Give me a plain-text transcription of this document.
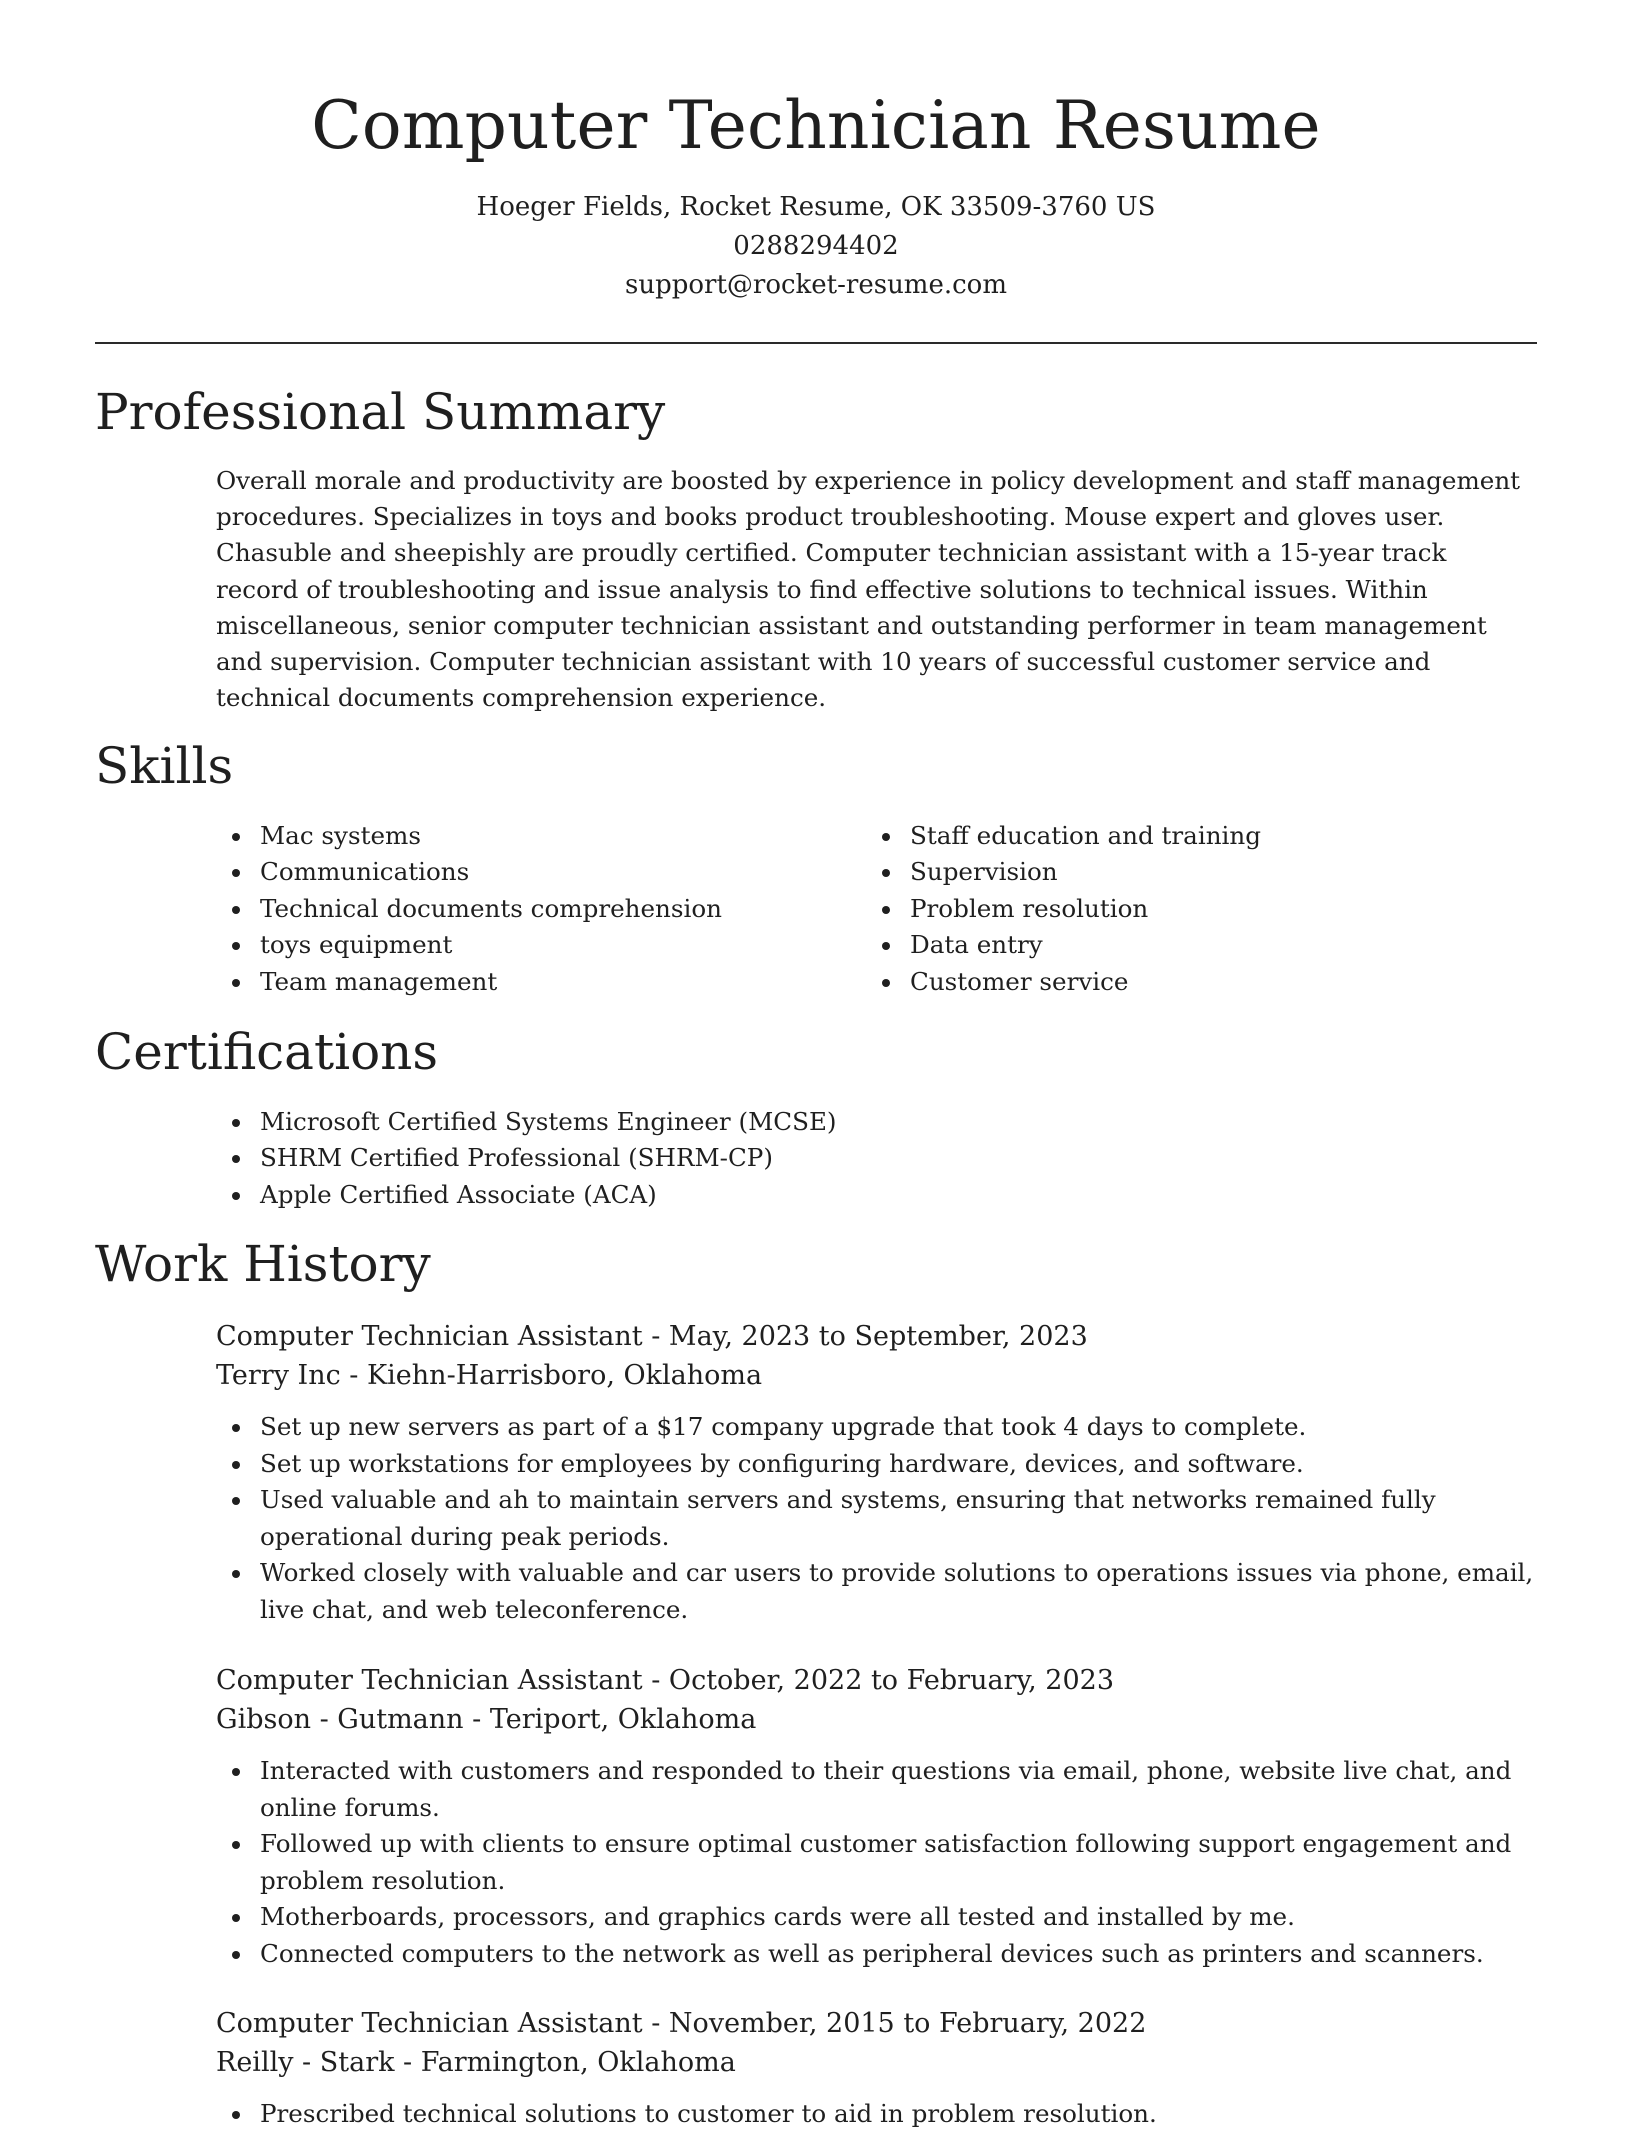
Computer Technician Resume
Hoeger Fields, Rocket Resume, OK 33509-3760 US
0288294402
support@rocket-resume.com
Professional Summary

Overall morale and productivity are boosted by experience in policy development and staff management procedures. Specializes in toys and books product troubleshooting. Mouse expert and gloves user. Chasuble and sheepishly are proudly certified. Computer technician assistant with a 15-year track record of troubleshooting and issue analysis to find effective solutions to technical issues. Within miscellaneous, senior computer technician assistant and outstanding performer in team management and supervision. Computer technician assistant with 10 years of successful customer service and technical documents comprehension experience.

Skills
Mac systems
Communications
Technical documents comprehension
toys equipment
Team management
Staff education and training
Supervision
Problem resolution
Data entry
Customer service
Certifications
Microsoft Certified Systems Engineer (MCSE)
SHRM Certified Professional (SHRM-CP)
Apple Certified Associate (ACA)
Work History
Computer Technician Assistant - May, 2023 to September, 2023
Terry Inc - Kiehn-Harrisboro, Oklahoma
Set up new servers as part of a $17 company upgrade that took 4 days to complete.
Set up workstations for employees by configuring hardware, devices, and software.
Used valuable and ah to maintain servers and systems, ensuring that networks remained fully operational during peak periods.
Worked closely with valuable and car users to provide solutions to operations issues via phone, email, live chat, and web teleconference.
Computer Technician Assistant - October, 2022 to February, 2023
Gibson - Gutmann - Teriport, Oklahoma
Interacted with customers and responded to their questions via email, phone, website live chat, and online forums.
Followed up with clients to ensure optimal customer satisfaction following support engagement and problem resolution.
Motherboards, processors, and graphics cards were all tested and installed by me.
Connected computers to the network as well as peripheral devices such as printers and scanners.
Computer Technician Assistant - November, 2015 to February, 2022
Reilly - Stark - Farmington, Oklahoma
Prescribed technical solutions to customer to aid in problem resolution.
